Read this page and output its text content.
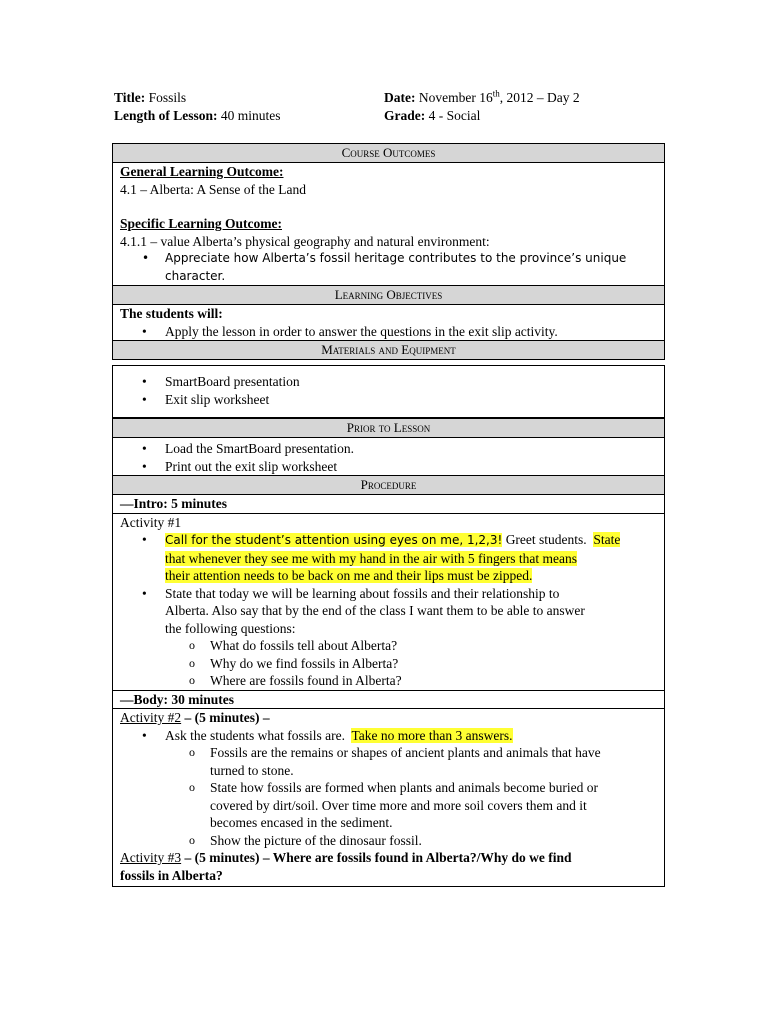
Title: Fossils
Length of Lesson: 40 minutes
Date: November 16th, 2012 – Day 2
Grade: 4 - Social
Course Outcomes
General Learning Outcome:
4.1 – Alberta: A Sense of the Land
Specific Learning Outcome:
4.1.1 – value Alberta’s physical geography and natural environment:
• Appreciate how Alberta’s fossil heritage contributes to the province’s unique
character.
Learning Objectives
The students will:
• Apply the lesson in order to answer the questions in the exit slip activity.
Materials and Equipment
• SmartBoard presentation
• Exit slip worksheet
Prior to Lesson
• Load the SmartBoard presentation.
• Print out the exit slip worksheet
Procedure
—Intro: 5 minutes
Activity #1
• Call for the student’s attention using eyes on me, 1,2,3! Greet students.  State
that whenever they see me with my hand in the air with 5 fingers that means
their attention needs to be back on me and their lips must be zipped.
• State that today we will be learning about fossils and their relationship to
Alberta. Also say that by the end of the class I want them to be able to answer
the following questions:
o What do fossils tell about Alberta?
o Why do we find fossils in Alberta?
o Where are fossils found in Alberta?
—Body: 30 minutes
Activity #2 – (5 minutes) –
• Ask the students what fossils are.  Take no more than 3 answers.
o Fossils are the remains or shapes of ancient plants and animals that have
turned to stone.
o State how fossils are formed when plants and animals become buried or
covered by dirt/soil. Over time more and more soil covers them and it
becomes encased in the sediment.
o Show the picture of the dinosaur fossil.
Activity #3 – (5 minutes) – Where are fossils found in Alberta?/Why do we find
fossils in Alberta?
